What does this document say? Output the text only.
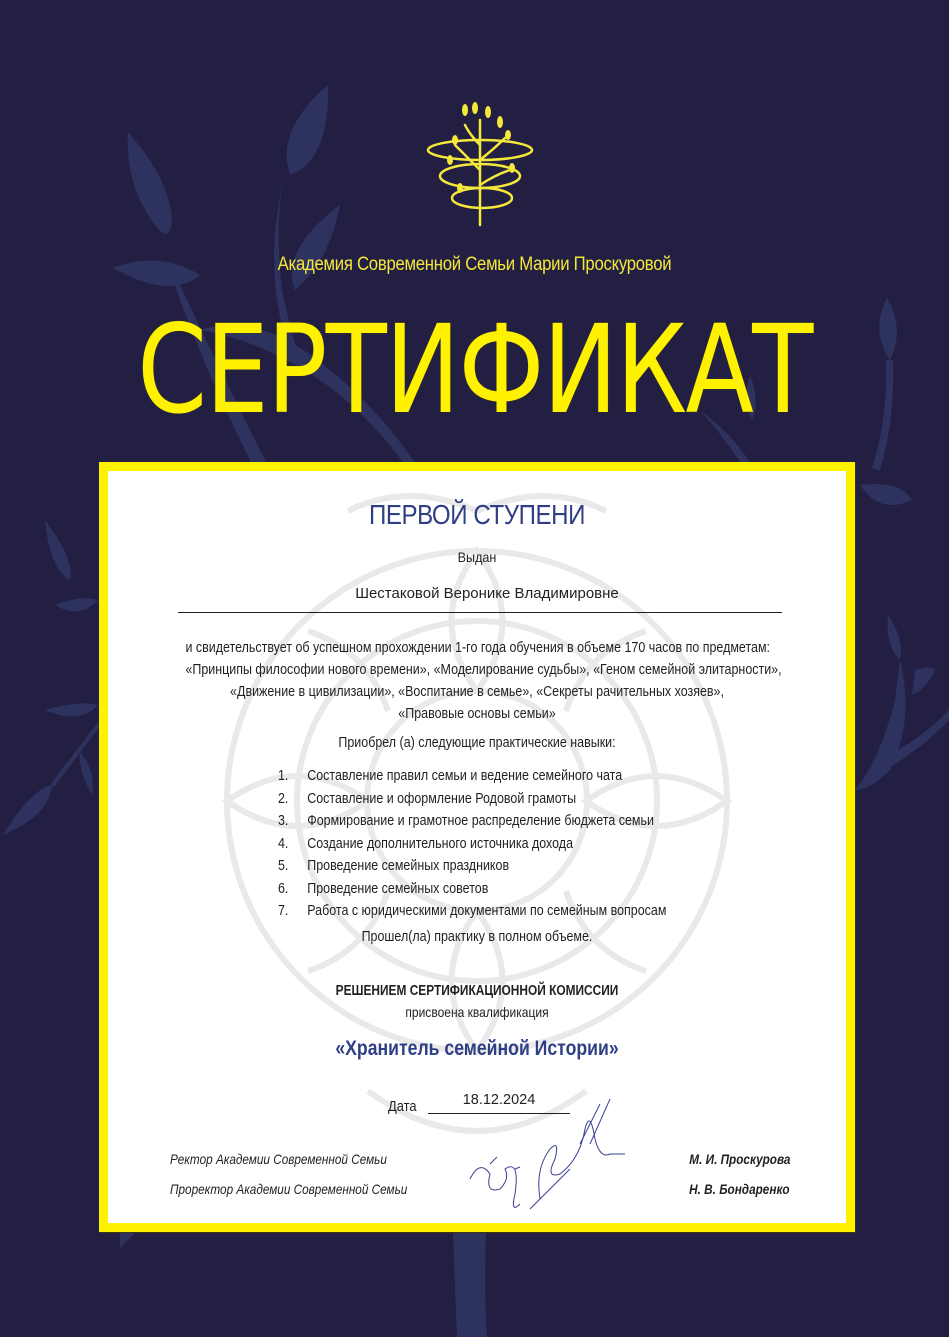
Академия Современной Семьи Марии Проскуровой
СЕРТИФИКАТ
ПЕРВОЙ СТУПЕНИ
Выдан
Шестаковой Веронике Владимировне
и свидетельствует об успешном прохождении 1-го года обучения в объеме 170 часов по предметам:
«Принципы философии нового времени», «Моделирование судьбы», «Геном семейной элитарности»,
«Движение в цивилизации», «Воспитание в семье», «Секреты рачительных хозяев»,
«Правовые основы семьи»
Приобрел (а) следующие практические навыки:
1.	Составление правил семьи и ведение семейного чата
2.	Составление и оформление Родовой грамоты
3.	Формирование и грамотное распределение бюджета семьи
4.	Создание дополнительного источника дохода
5.	Проведение семейных праздников
6.	Проведение семейных советов
7.	Работа с юридическими документами по семейным вопросам
Прошел(ла) практику в полном объеме.
РЕШЕНИЕМ СЕРТИФИКАЦИОННОЙ КОМИССИИ
присвоена квалификация
«Хранитель семейной Истории»
Дата	18.12.2024
Ректор Академии Современной Семьи	М. И. Проскурова
Проректор Академии Современной Семьи	Н. В. Бондаренко
